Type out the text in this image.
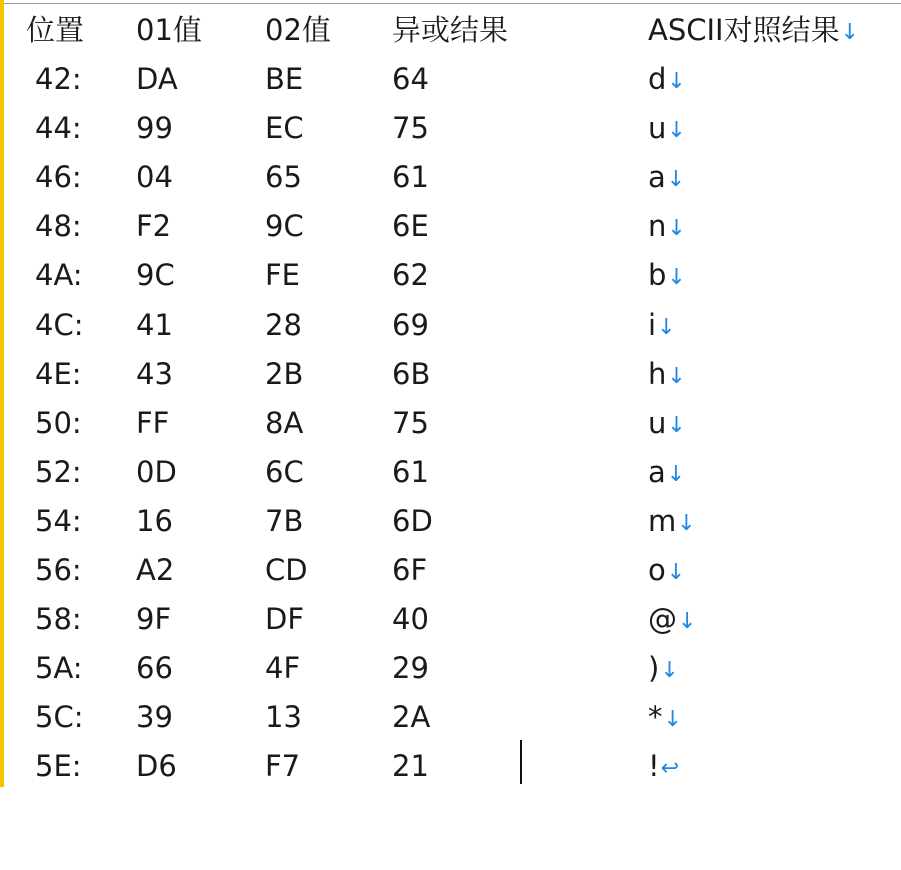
位置 01值 02值 异或结果	ASCII对照结果↓
42: DA	BE	64	d↓
44: 99	EC	75	u↓
46: 04	65	61	a↓
48: F2	9C	6E	n↓
4A: 9C	FE	62	b↓
4C: 41	28	69	i↓
4E: 43	2B	6B	h↓
50: FF	8A	75	u↓
52: 0D	6C	61	a↓
54: 16	7B	6D	m↓
56: A2	CD	6F	o↓
58: 9F	DF	40	@↓
5A: 66	4F	29	)↓
5C: 39	13	2A	*↓
5E: D6	F7	21	!↩
